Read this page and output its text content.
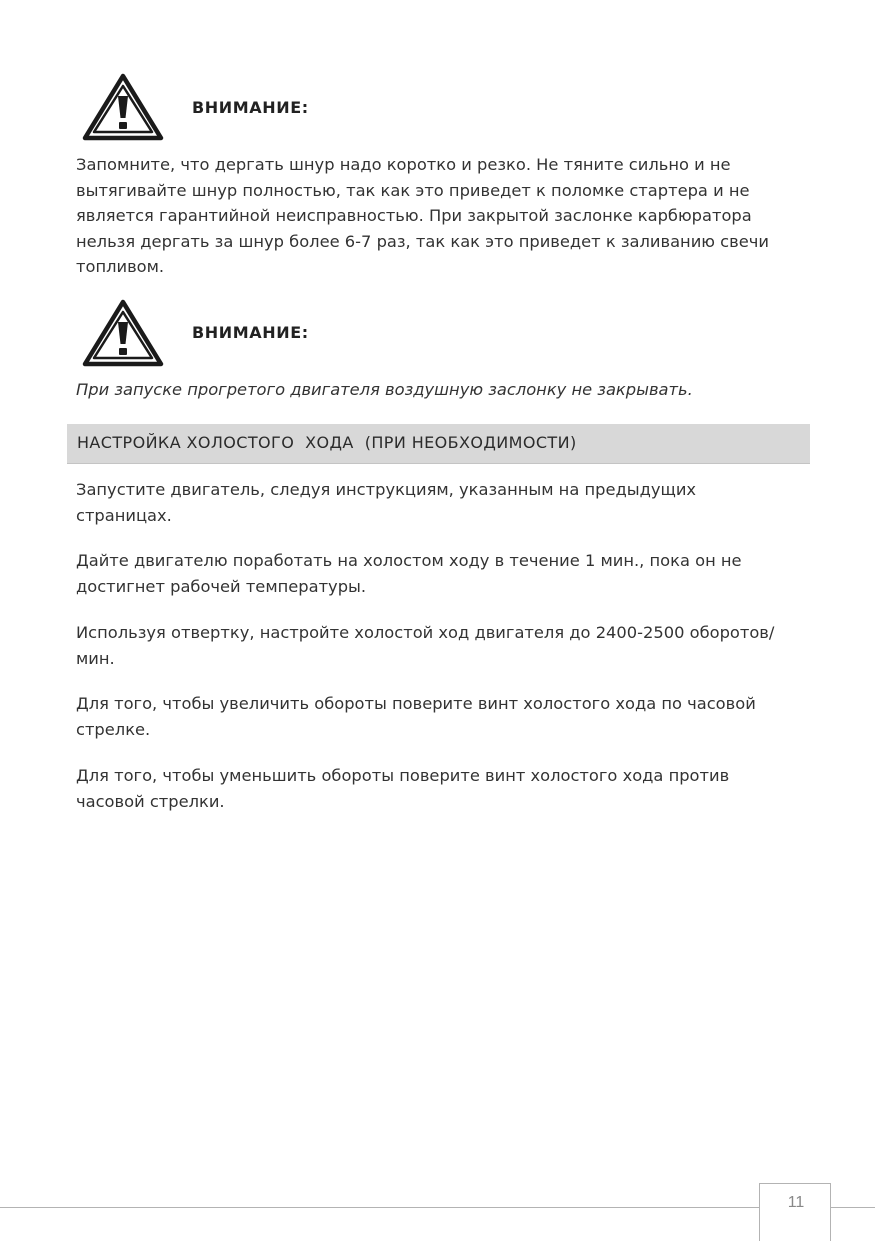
ВНИМАНИЕ:
Запомните, что дергать шнур надо коротко и резко. Не тяните сильно и не вытягивайте шнур полностью, так как это приведет к поломке стартера и не является гарантийной неисправностью. При закрытой заслонке карбюратора нельзя дергать за шнур более 6-7 раз, так как это приведет к заливанию свечи топливом.
ВНИМАНИЕ:
При запуске прогретого двигателя воздушную заслонку не закрывать.
НАСТРОЙКА ХОЛОСТОГО  ХОДА  (ПРИ НЕОБХОДИМОСТИ)
Запустите двигатель, следуя инструкциям, указанным на предыдущих страницах.
Дайте двигателю поработать на холостом ходу в течение 1 мин., пока он не достигнет рабочей температуры.
Используя отвертку, настройте холостой ход двигателя до 2400-2500 оборотов/мин.
Для того, чтобы увеличить обороты поверите винт холостого хода по часовой стрелке.
Для того, чтобы уменьшить обороты поверите винт холостого хода против часовой стрелки.
11
